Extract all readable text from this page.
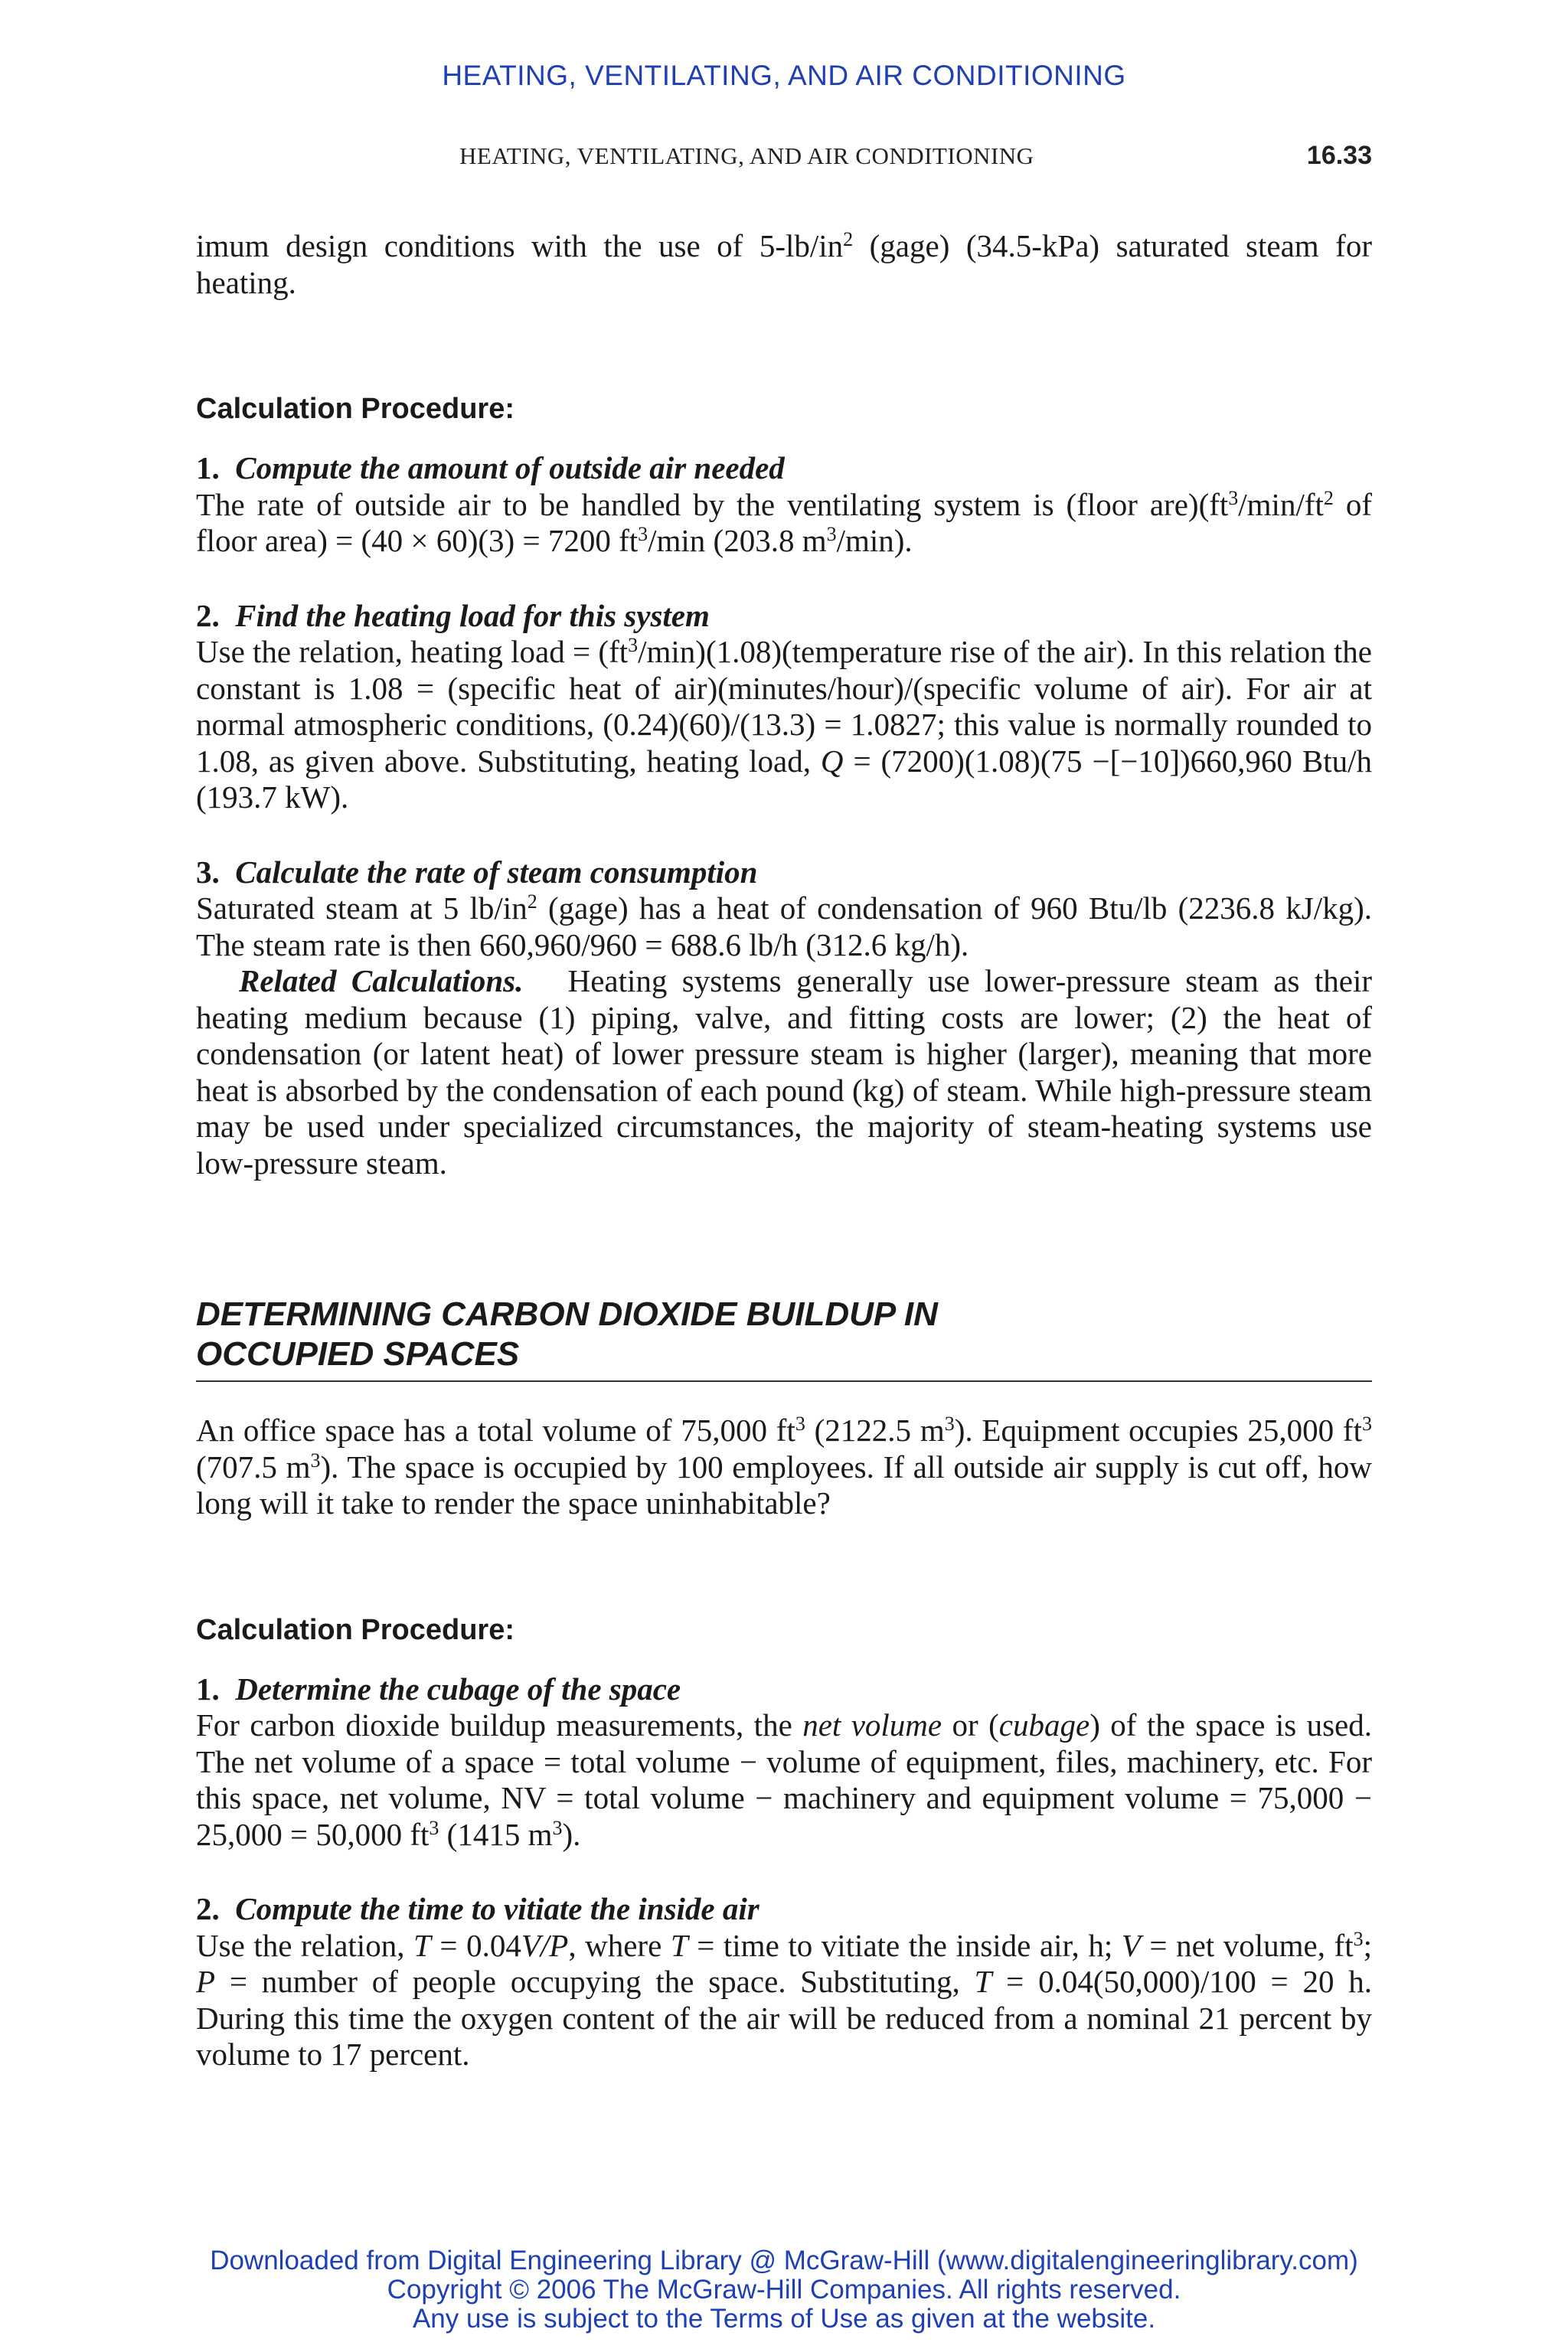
HEATING, VENTILATING, AND AIR CONDITIONING
HEATING, VENTILATING, AND AIR CONDITIONING	16.33

imum design conditions with the use of $5-lb/in^2$ (gage) (34.5-kPa) saturated steam for heating.

Calculation Procedure:
1. Compute the amount of outside air needed

The rate of outside air to be handled by the ventilating system is (floor $are)(ft^3/\min/ft^2$ of floor area) = (40 × 60)(3) = 7200 $ft^3/\min$ (203.8 $m^3/\min$).

2. Find the heating load for this system

Use the relation, heating load = $(ft^3/\min)(1.08)(temperature$ rise of the air). In this relation the constant is 1.08 = (specific heat of air)(minutes/hour)/(specific volume of air). For air at normal atmospheric conditions, (0.24)(60)/(13.3) = 1.0827; this value is normally rounded to 1.08, as given above. Substituting, heating load, Q = (7200)(1.08)(75 −[−10])660,960 Btu/h (193.7 kW).

3. Calculate the rate of steam consumption

Saturated steam at 5 $lb/in^2$ (gage) has a heat of condensation of 960 Btu/lb (2236.8 kJ/kg). The steam rate is then 660,960/960 = 688.6 lb/h (312.6 kg/h).

Related Calculations. Heating systems generally use lower-pressure steam as their heating medium because (1) piping, valve, and fitting costs are lower; (2) the heat of condensation (or latent heat) of lower pressure steam is higher (larger), meaning that more heat is absorbed by the condensation of each pound (kg) of steam. While high-pressure steam may be used under specialized circumstances, the majority of steam-heating systems use low-pressure steam.

DETERMINING CARBON DIOXIDE BUILDUP IN
OCCUPIED SPACES

An office space has a total volume of 75,000 $ft^3$ (2122.5 $m^3$). Equipment occupies 25,000 $ft^3$ (707.5 $m^3$). The space is occupied by 100 employees. If all outside air supply is cut off, how long will it take to render the space uninhabitable?

Calculation Procedure:
1. Determine the cubage of the space

For carbon dioxide buildup measurements, the net volume or (cubage) of the space is used. The net volume of a space = total volume − volume of equipment, files, machinery, etc. For this space, net volume, NV = total volume − machinery and equipment volume = 75,000 − 25,000 = 50,000 $ft^3$ (1415 $m^3$).

2. Compute the time to vitiate the inside air

Use the relation, T = 0.04V/P, where T = time to vitiate the inside air, h; V = net volume, $ft^3$; P = number of people occupying the space. Substituting, T = 0.04(50,000)/100 = 20 h. During this time the oxygen content of the air will be reduced from a nominal 21 percent by volume to 17 percent.

Downloaded from Digital Engineering Library @ McGraw-Hill (www.digitalengineeringlibrary.com)
Copyright © 2006 The McGraw-Hill Companies. All rights reserved.
Any use is subject to the Terms of Use as given at the website.
